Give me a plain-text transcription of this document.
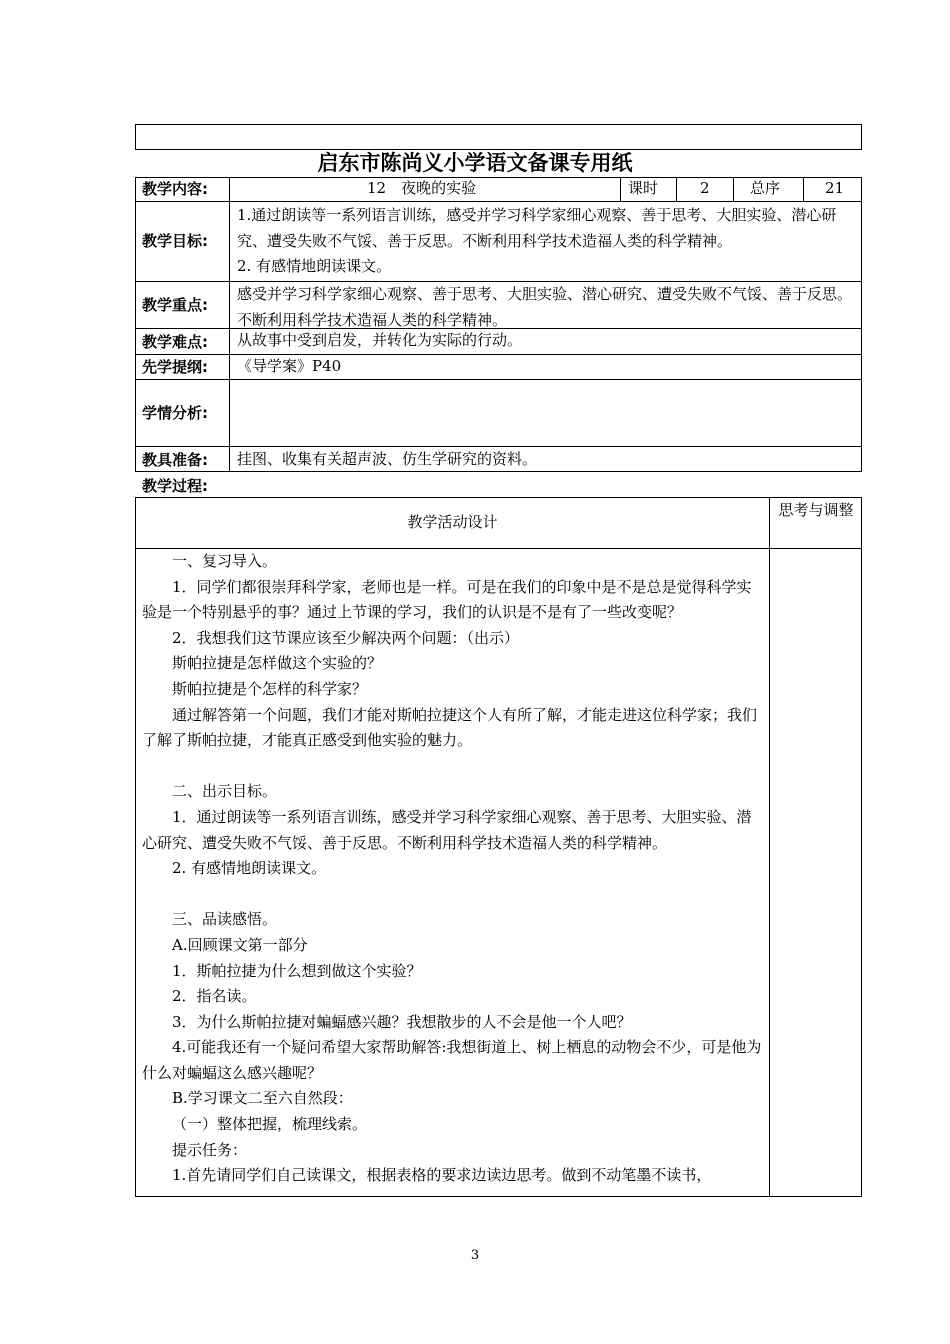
启东市陈尚义小学语文备课专用纸
教学内容:	12　夜晚的实验	课时	2	总序	21
教学目标:

1.通过朗读等一系列语言训练，感受并学习科学家细心观察、善于思考、大胆实验、潜心研究、遭受失败不气馁、善于反思。不断利用科学技术造福人类的科学精神。

2. 有感情地朗读课文。

教学重点:

感受并学习科学家细心观察、善于思考、大胆实验、潜心研究、遭受失败不气馁、善于反思。不断利用科学技术造福人类的科学精神。

教学难点: 从故事中受到启发，并转化为实际的行动。
先学提纲: 《导学案》P40
学情分析:
教具准备: 挂图、收集有关超声波、仿生学研究的资料。
教学过程:
教学活动设计
思考与调整

一、复习导入。

1．同学们都很崇拜科学家，老师也是一样。可是在我们的印象中是不是总是觉得科学实验是一个特别悬乎的事？通过上节课的学习，我们的认识是不是有了一些改变呢？

2．我想我们这节课应该至少解决两个问题：（出示）

斯帕拉捷是怎样做这个实验的？

斯帕拉捷是个怎样的科学家？

通过解答第一个问题，我们才能对斯帕拉捷这个人有所了解，才能走进这位科学家；我们了解了斯帕拉捷，才能真正感受到他实验的魅力。

二、出示目标。

1．通过朗读等一系列语言训练，感受并学习科学家细心观察、善于思考、大胆实验、潜心研究、遭受失败不气馁、善于反思。不断利用科学技术造福人类的科学精神。

2. 有感情地朗读课文。

三、品读感悟。

A.回顾课文第一部分

1．斯帕拉捷为什么想到做这个实验？

2．指名读。

3．为什么斯帕拉捷对蝙蝠感兴趣？我想散步的人不会是他一个人吧？

4.可能我还有一个疑问希望大家帮助解答:我想街道上、树上栖息的动物会不少，可是他为什么对蝙蝠这么感兴趣呢？

B.学习课文二至六自然段：

（一）整体把握，梳理线索。

提示任务：

1.首先请同学们自己读课文，根据表格的要求边读边思考。做到不动笔墨不读书，

3
